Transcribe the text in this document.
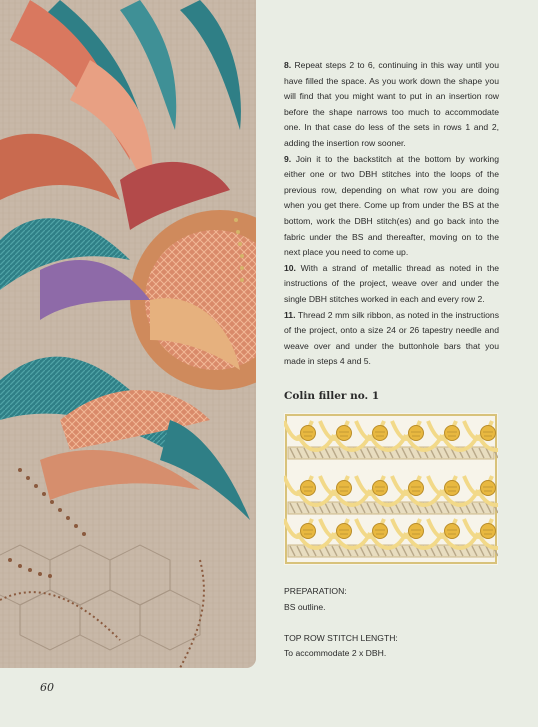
8. Repeat steps 2 to 6, continuing in this way until you have filled the space. As you work down the shape you will find that you might want to put in an insertion row before the shape narrows too much to accommodate one. In that case do less of the sets in rows 1 and 2, adding the insertion row sooner.

9. Join it to the backstitch at the bottom by working either one or two DBH stitches into the loops of the previous row, depending on what row you are doing when you get there. Come up from under the BS at the bottom, work the DBH stitch(es) and go back into the fabric under the BS and thereafter, moving on to the next place you need to come up.

10. With a strand of metallic thread as noted in the instructions of the project, weave over and under the single DBH stitches worked in each and every row 2.

11. Thread 2 mm silk ribbon, as noted in the instructions of the project, onto a size 24 or 26 tapestry needle and weave over and under the buttonhole bars that you made in steps 4 and 5.

Colin filler no. 1
PREPARATION:
BS outline.
TOP ROW STITCH LENGTH:
To accommodate 2 x DBH.
60
